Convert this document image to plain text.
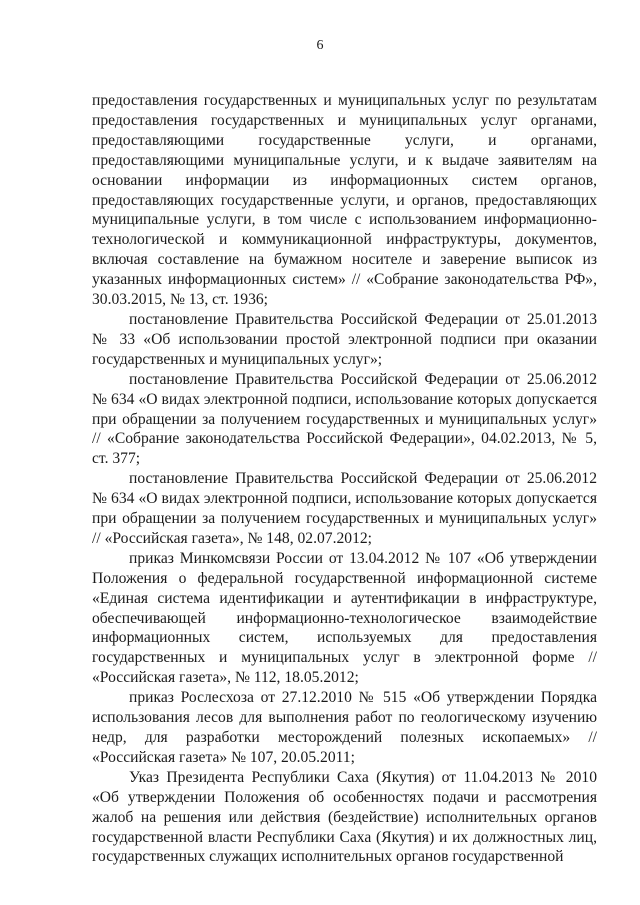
6

предоставления государственных и муниципальных услуг по результатам предоставления государственных и муниципальных услуг органами, предоставляющими государственные услуги, и органами, предоставляющими муниципальные услуги, и к выдаче заявителям на основании информации из информационных систем органов, предоставляющих государственные услуги, и органов, предоставляющих муниципальные услуги, в том числе с использованием информационно-технологической и коммуникационной инфраструктуры, документов, включая составление на бумажном носителе и заверение выписок из указанных информационных систем» // «Собрание законодательства РФ», 30.03.2015, № 13, ст. 1936;

постановление Правительства Российской Федерации от 25.01.2013 № 33 «Об использовании простой электронной подписи при оказании государственных и муниципальных услуг»;

постановление Правительства Российской Федерации от 25.06.2012 № 634 «О видах электронной подписи, использование которых допускается при обращении за получением государственных и муниципальных услуг» // «Собрание законодательства Российской Федерации», 04.02.2013, № 5, ст. 377;

постановление Правительства Российской Федерации от 25.06.2012 № 634 «О видах электронной подписи, использование которых допускается при обращении за получением государственных и муниципальных услуг» // «Российская газета», № 148, 02.07.2012;

приказ Минкомсвязи России от 13.04.2012 № 107 «Об утверждении Положения о федеральной государственной информационной системе «Единая система идентификации и аутентификации в инфраструктуре, обеспечивающей информационно-технологическое взаимодействие информационных систем, используемых для предоставления государственных и муниципальных услуг в электронной форме // «Российская газета», № 112, 18.05.2012;

приказ Рослесхоза от 27.12.2010 № 515 «Об утверждении Порядка использования лесов для выполнения работ по геологическому изучению недр, для разработки месторождений полезных ископаемых» // «Российская газета» № 107, 20.05.2011;

Указ Президента Республики Саха (Якутия) от 11.04.2013 № 2010 «Об утверждении Положения об особенностях подачи и рассмотрения жалоб на решения или действия (бездействие) исполнительных органов государственной власти Республики Саха (Якутия) и их должностных лиц, государственных служащих исполнительных органов государственной
